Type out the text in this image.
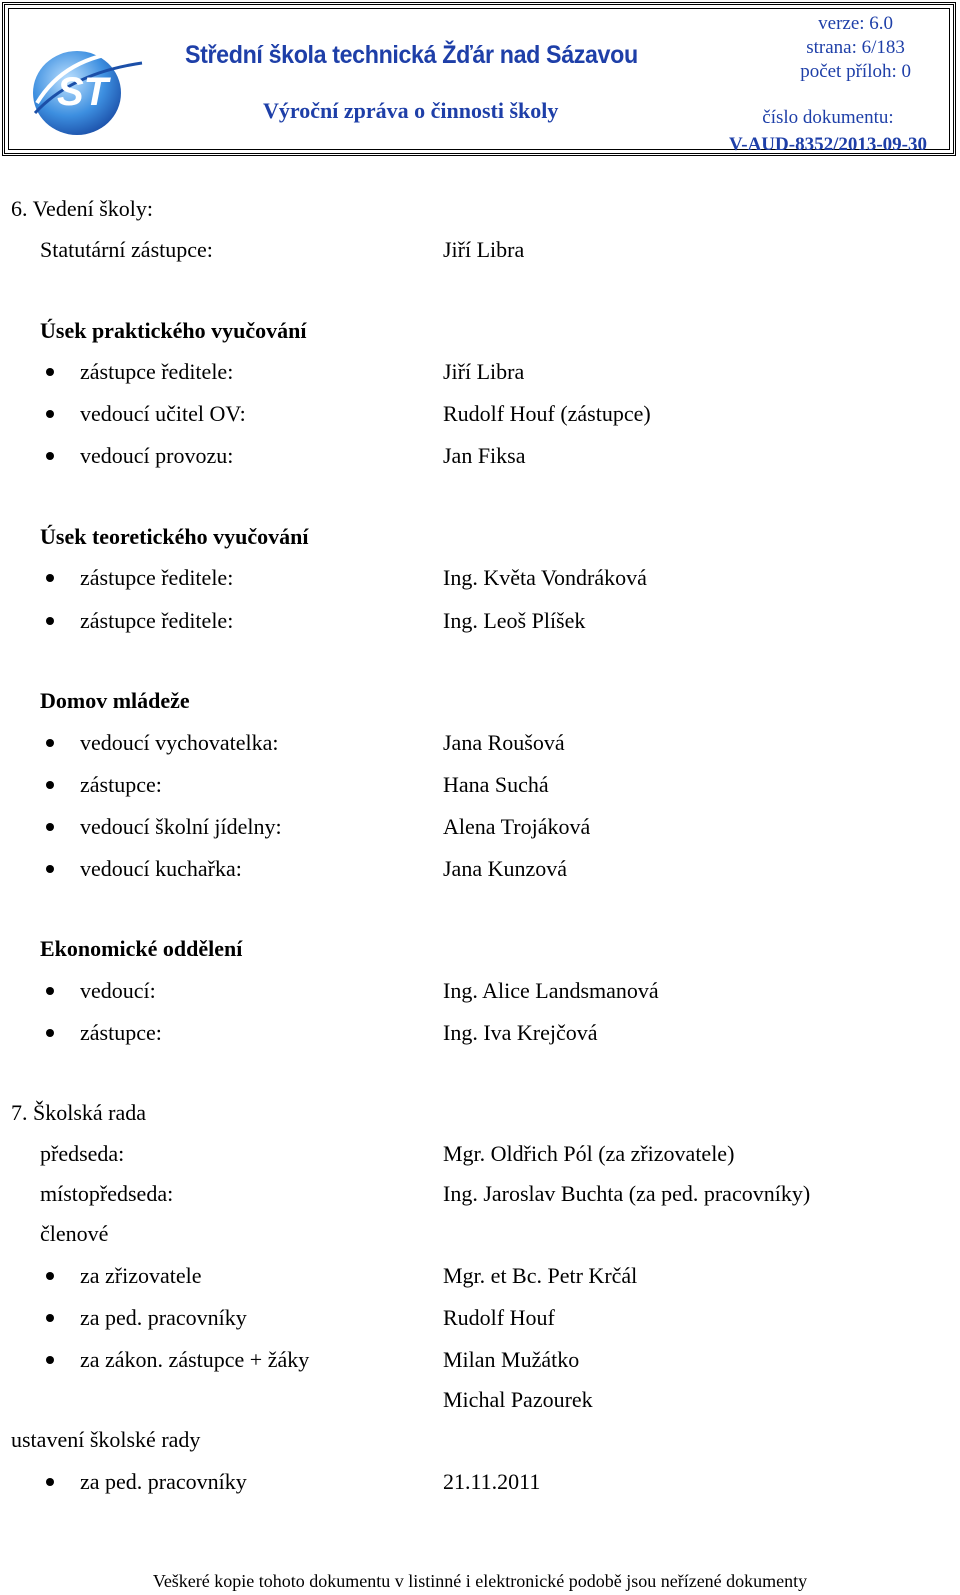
ST
Střední škola technická Žďár nad Sázavou
Výroční zpráva o činnosti školy
verze: 6.0
strana: 6/183
počet příloh: 0
číslo dokumentu:
V-AUD-8352/2013-09-30
6. Vedení školy:
Statutární zástupce:	Jiří Libra
Úsek praktického vyučování
zástupce ředitele:	Jiří Libra
vedoucí učitel OV:	Rudolf Houf (zástupce)
vedoucí provozu:	Jan Fiksa
Úsek teoretického vyučování
zástupce ředitele:	Ing. Květa Vondráková
zástupce ředitele:	Ing. Leoš Plíšek
Domov mládeže
vedoucí vychovatelka:	Jana Roušová
zástupce:	Hana Suchá
vedoucí školní jídelny:	Alena Trojáková
vedoucí kuchařka:	Jana Kunzová
Ekonomické oddělení
vedoucí:	Ing. Alice Landsmanová
zástupce:	Ing. Iva Krejčová
7. Školská rada
předseda:	Mgr. Oldřich Pól (za zřizovatele)
místopředseda:	Ing. Jaroslav Buchta (za ped. pracovníky)
členové
za zřizovatele	Mgr. et Bc. Petr Krčál
za ped. pracovníky	Rudolf Houf
za zákon. zástupce + žáky	Milan Mužátko
Michal Pazourek
ustavení školské rady
za ped. pracovníky	21.11.2011
Veškeré kopie tohoto dokumentu v listinné i elektronické podobě jsou neřízené dokumenty
